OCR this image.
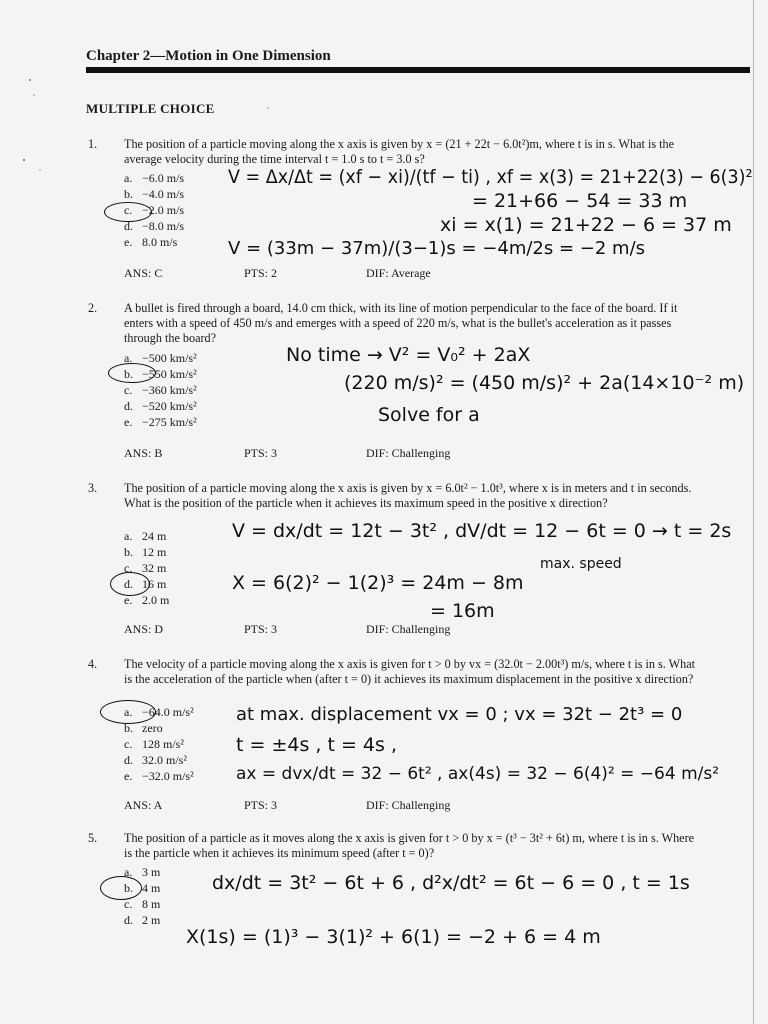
Chapter 2—Motion in One Dimension
MULTIPLE CHOICE
1. The position of a particle moving along the x axis is given by x = (21 + 22t − 6.0t²)m, where t is in s. What is the average velocity during the time interval t = 1.0 s to t = 3.0 s?
a. −6.0 m/s
b. −4.0 m/s
c. −2.0 m/s
d. −8.0 m/s
e. 8.0 m/s
ANS: C	PTS: 2	DIF: Average
V = Δx/Δt = (xf − xi)/(tf − ti) , xf = x(3) = 21+22(3) − 6(3)²
= 21+66 − 54 = 33 m
xi = x(1) = 21+22 − 6 = 37 m
V = (33m − 37m)/(3−1)s = −4m/2s = −2 m/s
2. A bullet is fired through a board, 14.0 cm thick, with its line of motion perpendicular to the face of the board. If it enters with a speed of 450 m/s and emerges with a speed of 220 m/s, what is the bullet's acceleration as it passes through the board?
a. −500 km/s²
b. −550 km/s²
c. −360 km/s²
d. −520 km/s²
e. −275 km/s²
ANS: B	PTS: 3	DIF: Challenging
No time → V² = V₀² + 2aX
(220 m/s)² = (450 m/s)² + 2a(14×10⁻² m)
Solve for a
3. The position of a particle moving along the x axis is given by x = 6.0t² − 1.0t³, where x is in meters and t in seconds. What is the position of the particle when it achieves its maximum speed in the positive x direction?
a. 24 m
b. 12 m
c. 32 m
d. 16 m
e. 2.0 m
ANS: D	PTS: 3	DIF: Challenging
V = dx/dt = 12t − 3t² , dV/dt = 12 − 6t = 0 → t = 2s
max. speed
X = 6(2)² − 1(2)³ = 24m − 8m
= 16m
4. The velocity of a particle moving along the x axis is given for t > 0 by vx = (32.0t − 2.00t³) m/s, where t is in s. What is the acceleration of the particle when (after t = 0) it achieves its maximum displacement in the positive x direction?
a. −64.0 m/s²
b. zero
c. 128 m/s²
d. 32.0 m/s²
e. −32.0 m/s²
ANS: A	PTS: 3	DIF: Challenging
at max. displacement vx = 0 ; vx = 32t − 2t³ = 0
t = ±4s , t = 4s ,
ax = dvx/dt = 32 − 6t² , ax(4s) = 32 − 6(4)² = −64 m/s²
5. The position of a particle as it moves along the x axis is given for t > 0 by x = (t³ − 3t² + 6t) m, where t is in s. Where is the particle when it achieves its minimum speed (after t = 0)?
a. 3 m
b. 4 m
c. 8 m
d. 2 m
dx/dt = 3t² − 6t + 6 , d²x/dt² = 6t − 6 = 0 , t = 1s
X(1s) = (1)³ − 3(1)² + 6(1) = −2 + 6 = 4 m
